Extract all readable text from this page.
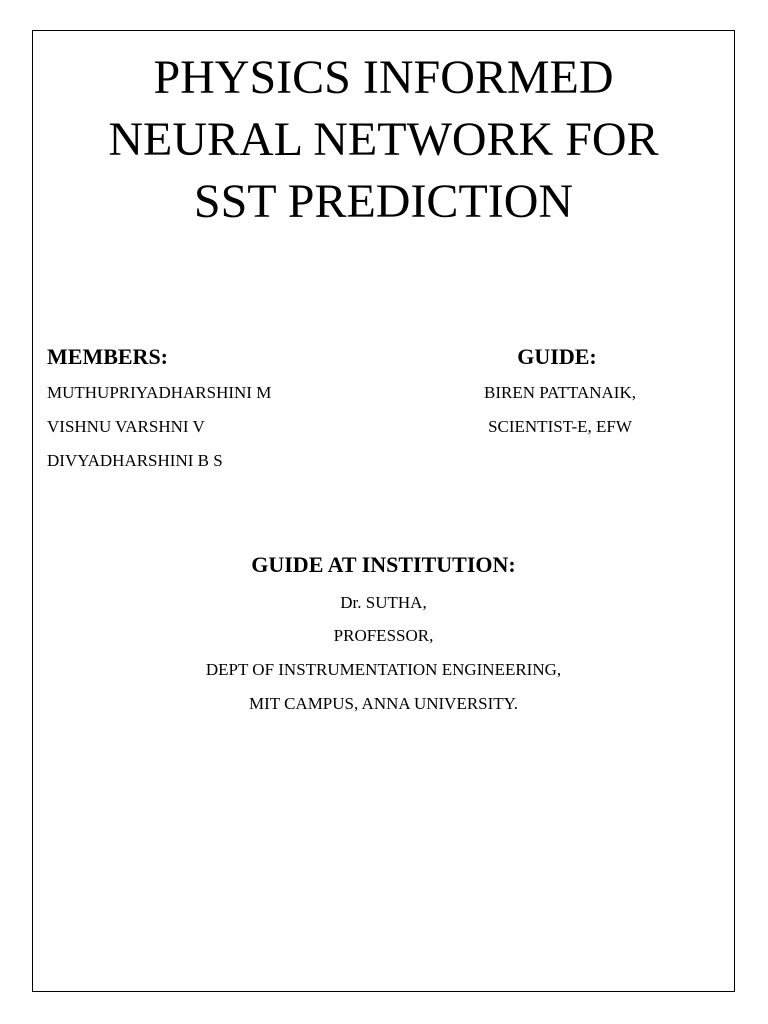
PHYSICS INFORMED
NEURAL NETWORK FOR
SST PREDICTION
MEMBERS:
MUTHUPRIYADHARSHINI M
VISHNU VARSHNI V
DIVYADHARSHINI B S
GUIDE:
BIREN PATTANAIK,
SCIENTIST-E, EFW
GUIDE AT INSTITUTION:
Dr. SUTHA,
PROFESSOR,
DEPT OF INSTRUMENTATION ENGINEERING,
MIT CAMPUS, ANNA UNIVERSITY.
